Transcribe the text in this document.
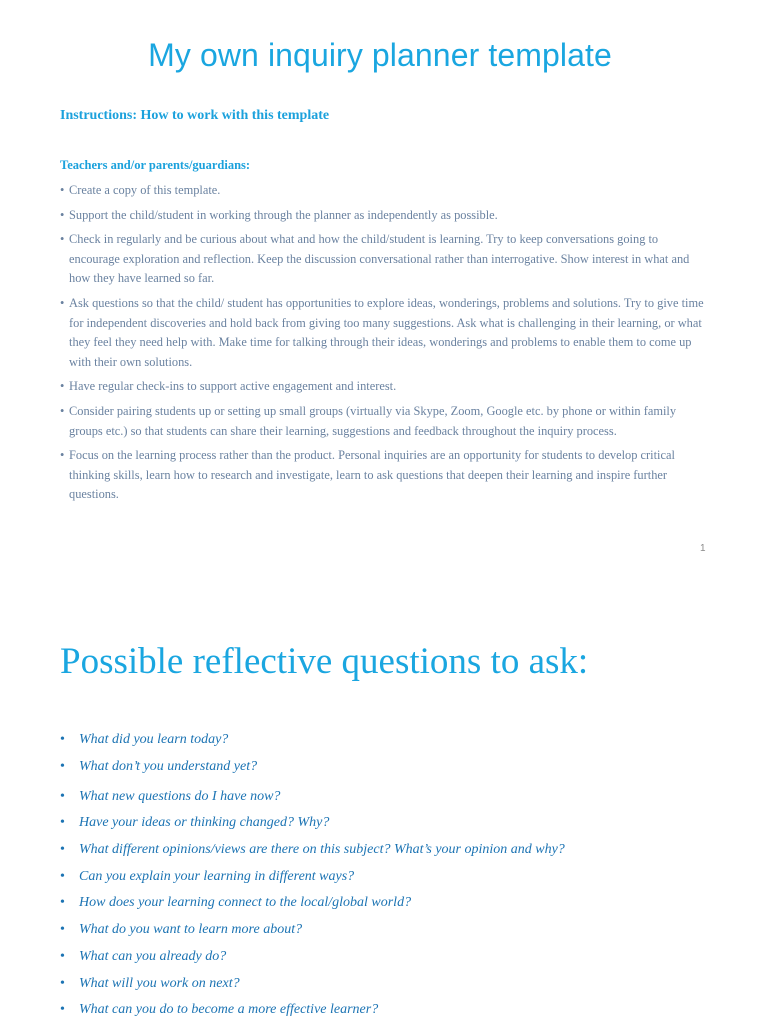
My own inquiry planner template

Instructions: How to work with this template

Teachers and/or parents/guardians:

• Create a copy of this template.
• Support the child/student in working through the planner as independently as possible.
• Check in regularly and be curious about what and how the child/student is learning. Try to keep conversations going to encourage exploration and reflection. Keep the discussion conversational rather than interrogative. Show interest in what and how they have learned so far.
• Ask questions so that the child/ student has opportunities to explore ideas, wonderings, problems and solutions. Try to give time for independent discoveries and hold back from giving too many suggestions. Ask what is challenging in their learning, or what they feel they need help with. Make time for talking through their ideas, wonderings and problems to enable them to come up with their own solutions.
• Have regular check-ins to support active engagement and interest.
• Consider pairing students up or setting up small groups (virtually via Skype, Zoom, Google etc. by phone or within family groups etc.) so that students can share their learning, suggestions and feedback throughout the inquiry process.
• Focus on the learning process rather than the product. Personal inquiries are an opportunity for students to develop critical thinking skills, learn how to research and investigate, learn to ask questions that deepen their learning and inspire further questions.
1
Possible reflective questions to ask:
• What did you learn today?
• What don’t you understand yet?
• What new questions do I have now?
• Have your ideas or thinking changed? Why?
• What different opinions/views are there on this subject? What’s your opinion and why?
• Can you explain your learning in different ways?
• How does your learning connect to the local/global world?
• What do you want to learn more about?
• What can you already do?
• What will you work on next?
• What can you do to become a more effective learner?
